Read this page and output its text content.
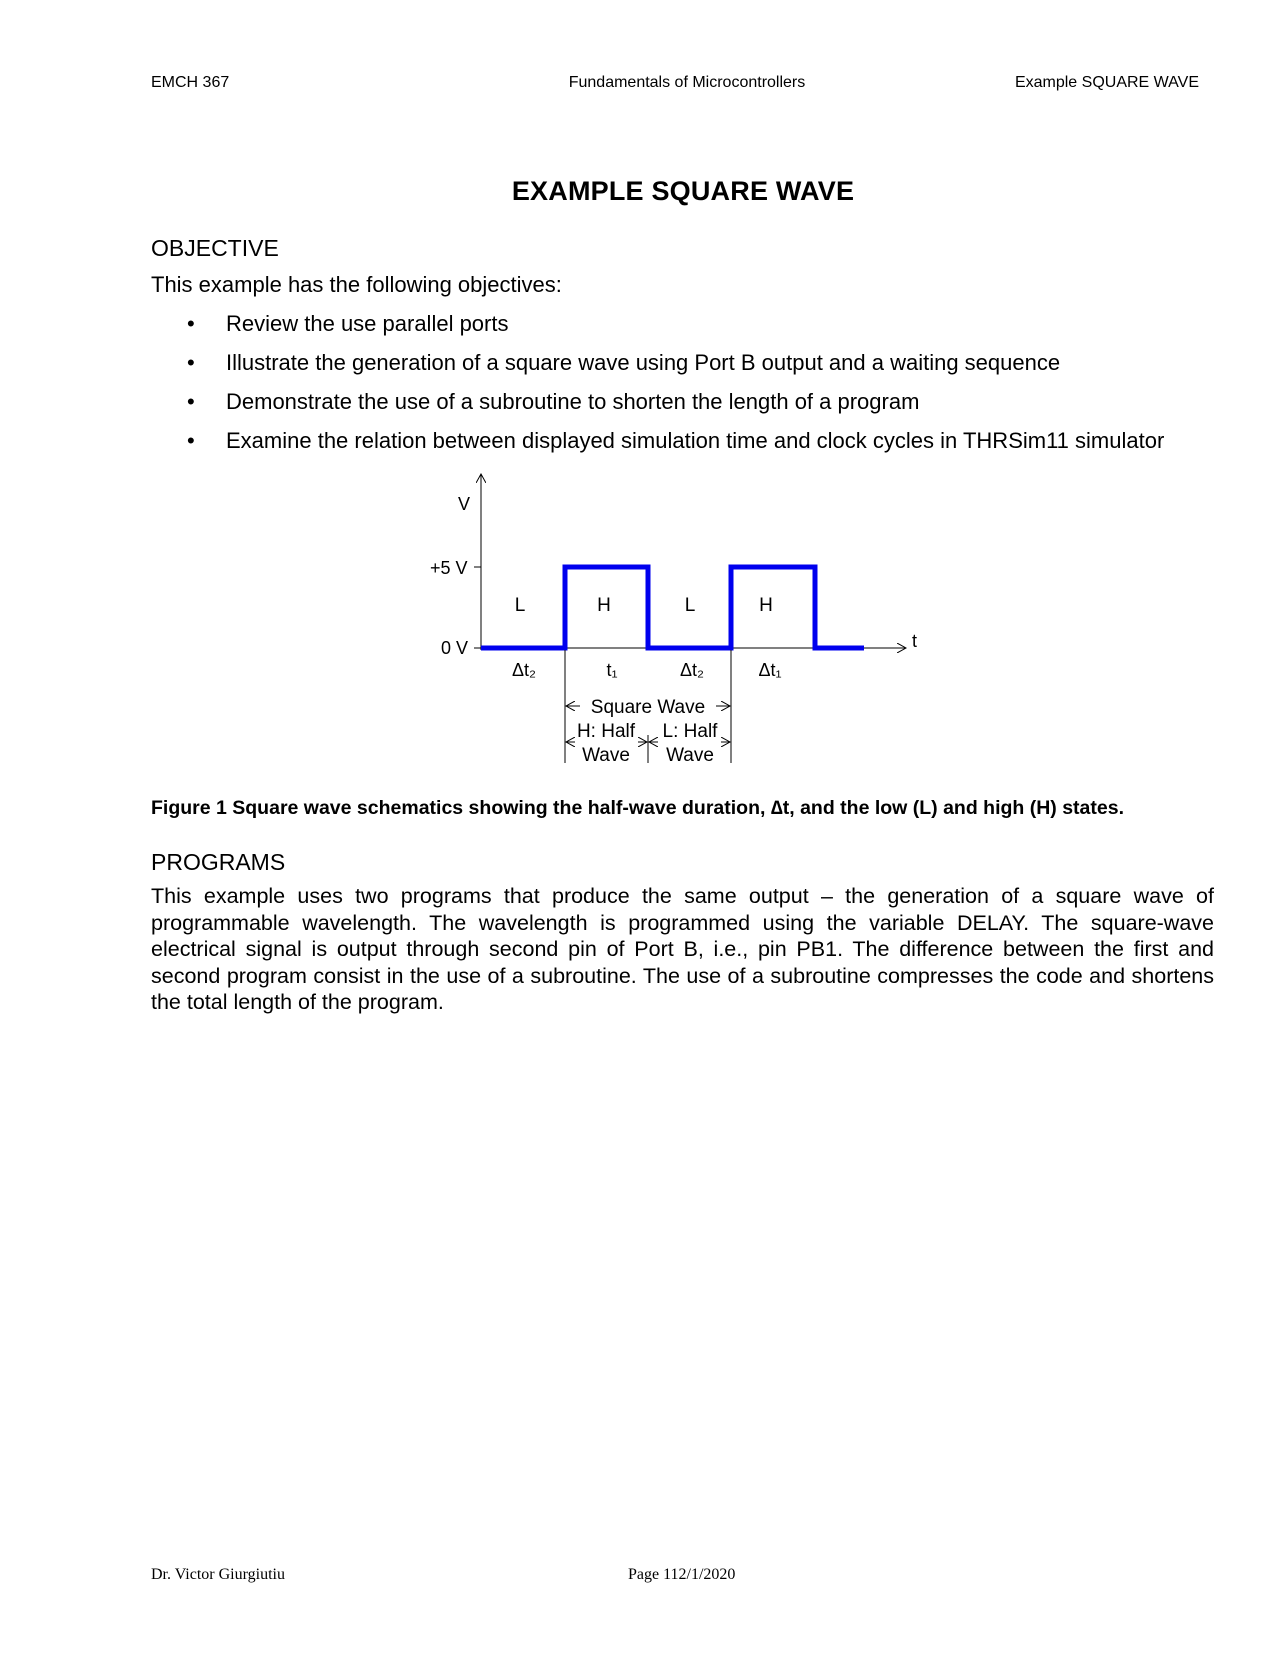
EMCH 367	Fundamentals of Microcontrollers	Example SQUARE WAVE
EXAMPLE SQUARE WAVE
OBJECTIVE
This example has the following objectives:
• Review the use parallel ports
• Illustrate the generation of a square wave using Port B output and a waiting sequence
• Demonstrate the use of a subroutine to shorten the length of a program
• Examine the relation between displayed simulation time and clock cycles in THRSim11 simulator
V
t
+5 V
0 V
L	H	L	H
Δt₂	t₁	Δt₂	Δt₁
Square Wave
H: Half
Wave
L: Half
Wave
Figure 1 Square wave schematics showing the half-wave duration, ∆t, and the low (L) and high (H) states.
PROGRAMS
This example uses two programs that produce the same output – the generation of a square wave of programmable wavelength. The wavelength is programmed using the variable DELAY. The square-wave electrical signal is output through second pin of Port B, i.e., pin PB1. The difference between the first and second program consist in the use of a subroutine. The use of a subroutine compresses the code and shortens the total length of the program.
Dr. Victor Giurgiutiu	Page 112/1/2020
